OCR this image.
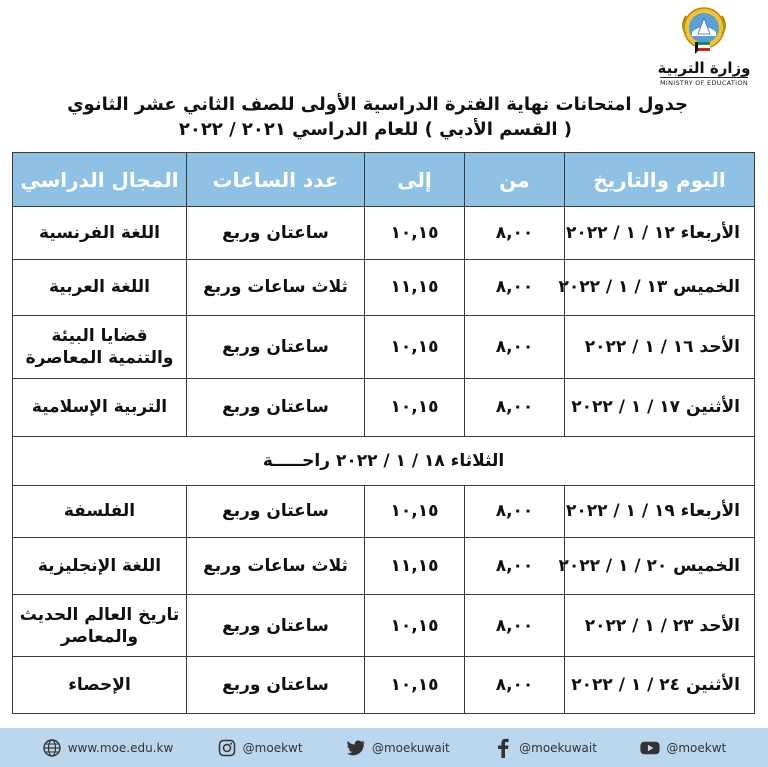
وزارة التربية
MINISTRY OF EDUCATION
جدول امتحانات نهاية الفترة الدراسية الأولى للصف الثاني عشر الثانوي
( القسم الأدبي ) للعام الدراسي ٢٠٢١ / ٢٠٢٢
اليوم والتاريخ	من	إلى	عدد الساعات	المجال الدراسي
الأربعاء ١٢ / ١ / ٢٠٢٢	٨,٠٠	١٠,١٥	ساعتان وربع	اللغة الفرنسية
الخميس ١٣ / ١ / ٢٠٢٢	٨,٠٠	١١,١٥	ثلاث ساعات وربع	اللغة العربية
الأحد ١٦ / ١ / ٢٠٢٢	٨,٠٠	١٠,١٥	ساعتان وربع	قضايا البيئة والتنمية المعاصرة
الأثنين ١٧ / ١ / ٢٠٢٢	٨,٠٠	١٠,١٥	ساعتان وربع	التربية الإسلامية
الثلاثاء ١٨ / ١ / ٢٠٢٢ راحـــــة				
الأربعاء ١٩ / ١ / ٢٠٢٢	٨,٠٠	١٠,١٥	ساعتان وربع	الفلسفة
الخميس ٢٠ / ١ / ٢٠٢٢	٨,٠٠	١١,١٥	ثلاث ساعات وربع	اللغة الإنجليزية
الأحد ٢٣ / ١ / ٢٠٢٢	٨,٠٠	١٠,١٥	ساعتان وربع	تاريخ العالم الحديث والمعاصر
الأثنين ٢٤ / ١ / ٢٠٢٢	٨,٠٠	١٠,١٥	ساعتان وربع	الإحصاء
www.moe.edu.kw	@moekwt	@moekuwait	@moekuwait	@moekwt
